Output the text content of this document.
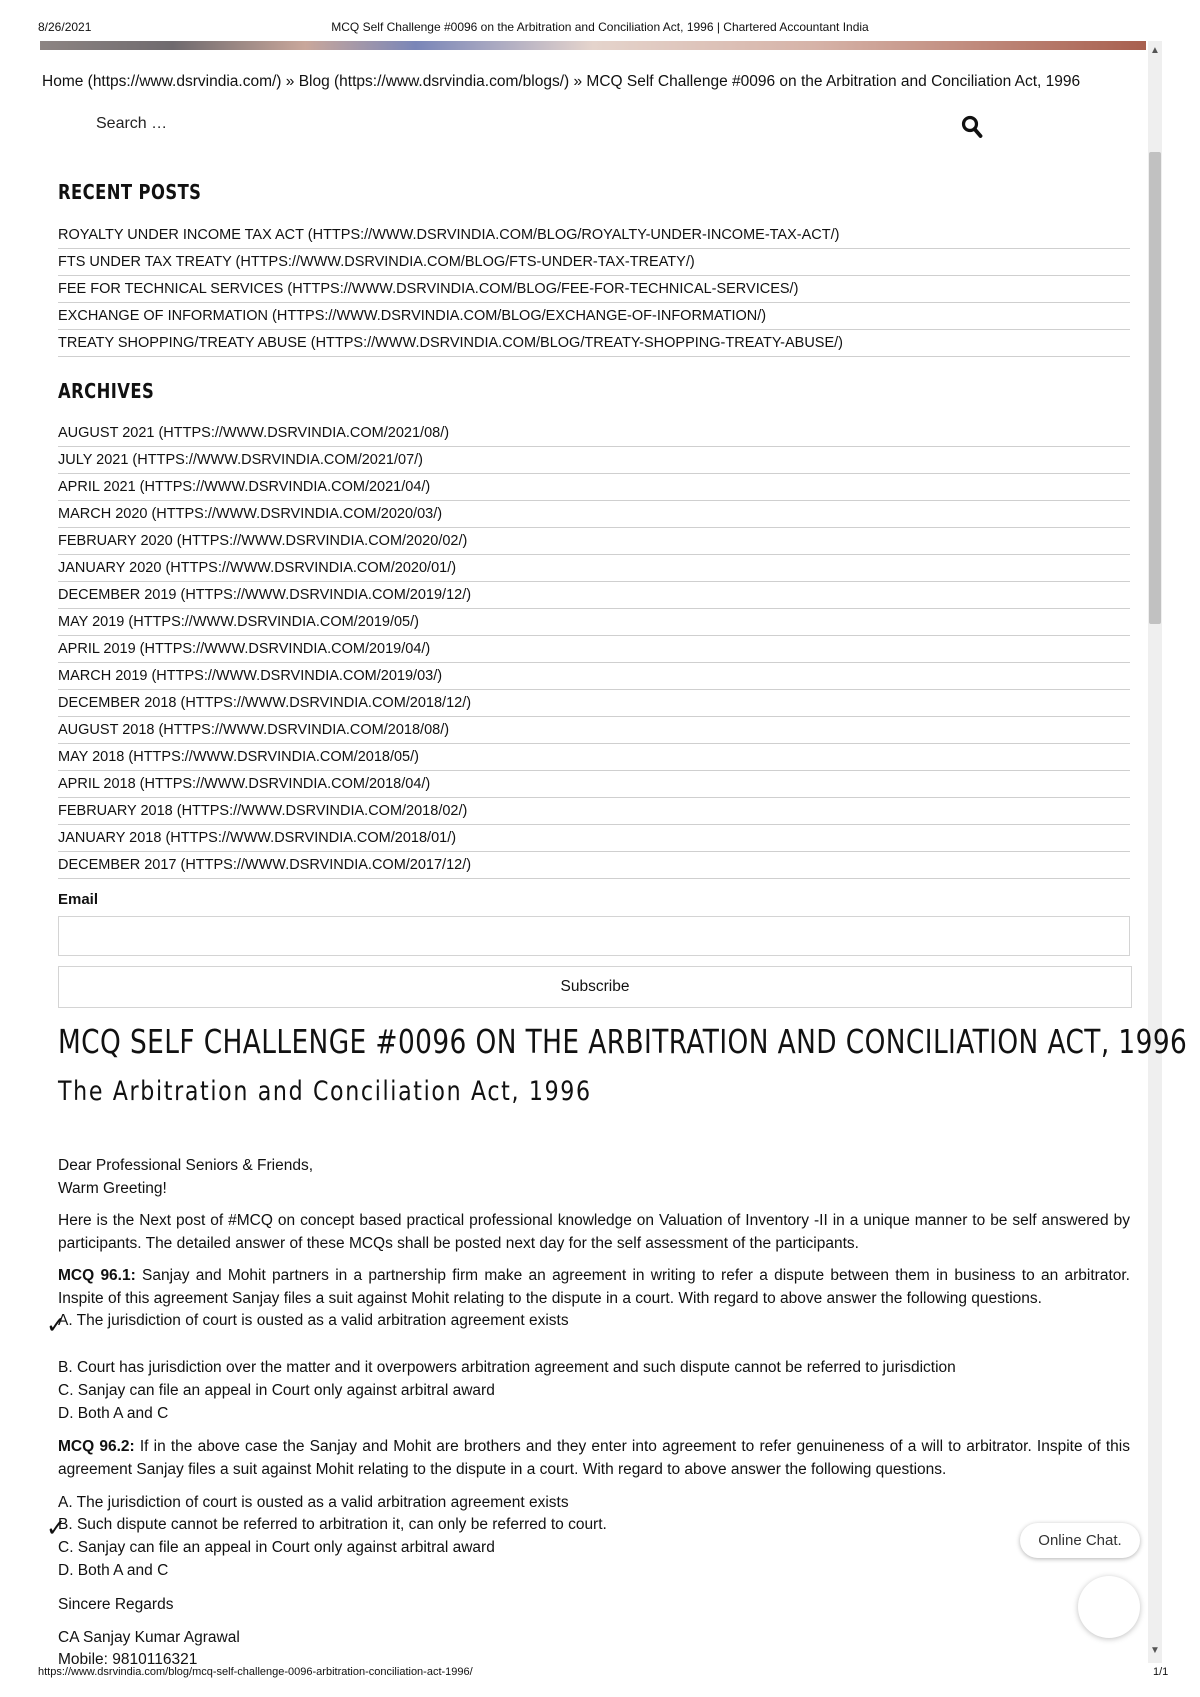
8/26/2021	MCQ Self Challenge #0096 on the Arbitration and Conciliation Act, 1996 | Chartered Accountant India
▲
▼
Home (https://www.dsrvindia.com/) » Blog (https://www.dsrvindia.com/blogs/) » MCQ Self Challenge #0096 on the Arbitration and Conciliation Act, 1996
Search …
RECENT POSTS
ROYALTY UNDER INCOME TAX ACT (HTTPS://WWW.DSRVINDIA.COM/BLOG/ROYALTY-UNDER-INCOME-TAX-ACT/)
FTS UNDER TAX TREATY (HTTPS://WWW.DSRVINDIA.COM/BLOG/FTS-UNDER-TAX-TREATY/)
FEE FOR TECHNICAL SERVICES (HTTPS://WWW.DSRVINDIA.COM/BLOG/FEE-FOR-TECHNICAL-SERVICES/)
EXCHANGE OF INFORMATION (HTTPS://WWW.DSRVINDIA.COM/BLOG/EXCHANGE-OF-INFORMATION/)
TREATY SHOPPING/TREATY ABUSE (HTTPS://WWW.DSRVINDIA.COM/BLOG/TREATY-SHOPPING-TREATY-ABUSE/)
ARCHIVES
AUGUST 2021 (HTTPS://WWW.DSRVINDIA.COM/2021/08/)
JULY 2021 (HTTPS://WWW.DSRVINDIA.COM/2021/07/)
APRIL 2021 (HTTPS://WWW.DSRVINDIA.COM/2021/04/)
MARCH 2020 (HTTPS://WWW.DSRVINDIA.COM/2020/03/)
FEBRUARY 2020 (HTTPS://WWW.DSRVINDIA.COM/2020/02/)
JANUARY 2020 (HTTPS://WWW.DSRVINDIA.COM/2020/01/)
DECEMBER 2019 (HTTPS://WWW.DSRVINDIA.COM/2019/12/)
MAY 2019 (HTTPS://WWW.DSRVINDIA.COM/2019/05/)
APRIL 2019 (HTTPS://WWW.DSRVINDIA.COM/2019/04/)
MARCH 2019 (HTTPS://WWW.DSRVINDIA.COM/2019/03/)
DECEMBER 2018 (HTTPS://WWW.DSRVINDIA.COM/2018/12/)
AUGUST 2018 (HTTPS://WWW.DSRVINDIA.COM/2018/08/)
MAY 2018 (HTTPS://WWW.DSRVINDIA.COM/2018/05/)
APRIL 2018 (HTTPS://WWW.DSRVINDIA.COM/2018/04/)
FEBRUARY 2018 (HTTPS://WWW.DSRVINDIA.COM/2018/02/)
JANUARY 2018 (HTTPS://WWW.DSRVINDIA.COM/2018/01/)
DECEMBER 2017 (HTTPS://WWW.DSRVINDIA.COM/2017/12/)
Email
Subscribe
MCQ SELF CHALLENGE #0096 ON THE ARBITRATION AND CONCILIATION ACT, 1996
The Arbitration and Conciliation Act, 1996
Dear Professional Seniors & Friends,
Warm Greeting!
Here is the Next post of #MCQ on concept based practical professional knowledge on Valuation of Inventory -II in a unique manner to be self answered by participants. The detailed answer of these MCQs shall be posted next day for the self assessment of the participants.
MCQ 96.1: Sanjay and Mohit partners in a partnership firm make an agreement in writing to refer a dispute between them in business to an arbitrator. Inspite of this agreement Sanjay files a suit against Mohit relating to the dispute in a court. With regard to above answer the following questions.
A. The jurisdiction of court is ousted as a valid arbitration agreement exists
✓
B. Court has jurisdiction over the matter and it overpowers arbitration agreement and such dispute cannot be referred to jurisdiction
C. Sanjay can file an appeal in Court only against arbitral award
D. Both A and C
MCQ 96.2: If in the above case the Sanjay and Mohit are brothers and they enter into agreement to refer genuineness of a will to arbitrator. Inspite of this agreement Sanjay files a suit against Mohit relating to the dispute in a court. With regard to above answer the following questions.
A. The jurisdiction of court is ousted as a valid arbitration agreement exists
B. Such dispute cannot be referred to arbitration it, can only be referred to court.
✓
C. Sanjay can file an appeal in Court only against arbitral award
D. Both A and C
Sincere Regards
CA Sanjay Kumar Agrawal
Mobile: 9810116321
Online Chat.
https://www.dsrvindia.com/blog/mcq-self-challenge-0096-arbitration-conciliation-act-1996/	1/1
